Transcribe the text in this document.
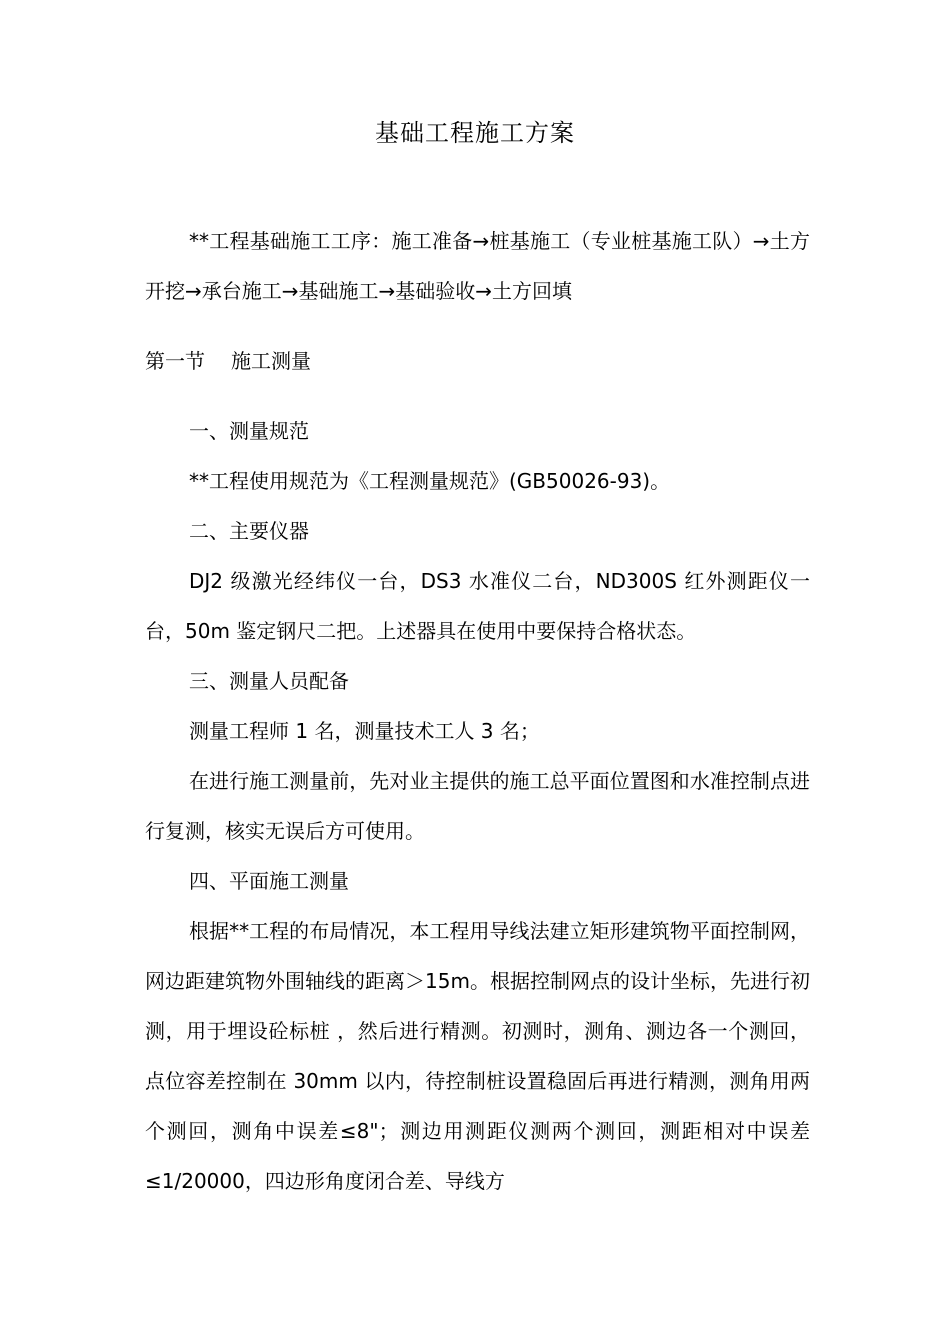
基础工程施工方案

**工程基础施工工序：施工准备→桩基施工（专业桩基施工队）→土方开挖→承台施工→基础施工→基础验收→土方回填

第一节 施工测量

一、测量规范

**工程使用规范为《工程测量规范》(GB50026-93)。

二、主要仪器

DJ2 级激光经纬仪一台，DS3 水准仪二台，ND300S 红外测距仪一台，50m 鉴定钢尺二把。上述器具在使用中要保持合格状态。

三、测量人员配备

测量工程师 1 名，测量技术工人 3 名；

在进行施工测量前，先对业主提供的施工总平面位置图和水准控制点进行复测，核实无误后方可使用。

四、平面施工测量

根据**工程的布局情况，本工程用导线法建立矩形建筑物平面控制网，网边距建筑物外围轴线的距离＞15m。根据控制网点的设计坐标，先进行初测，用于埋设砼标桩 ，然后进行精测。初测时，测角、测边各一个测回，点位容差控制在 30mm 以内，待控制桩设置稳固后再进行精测，测角用两个测回，测角中误差≤8"；测边用测距仪测两个测回，测距相对中误差≤1/20000，四边形角度闭合差、导线方
